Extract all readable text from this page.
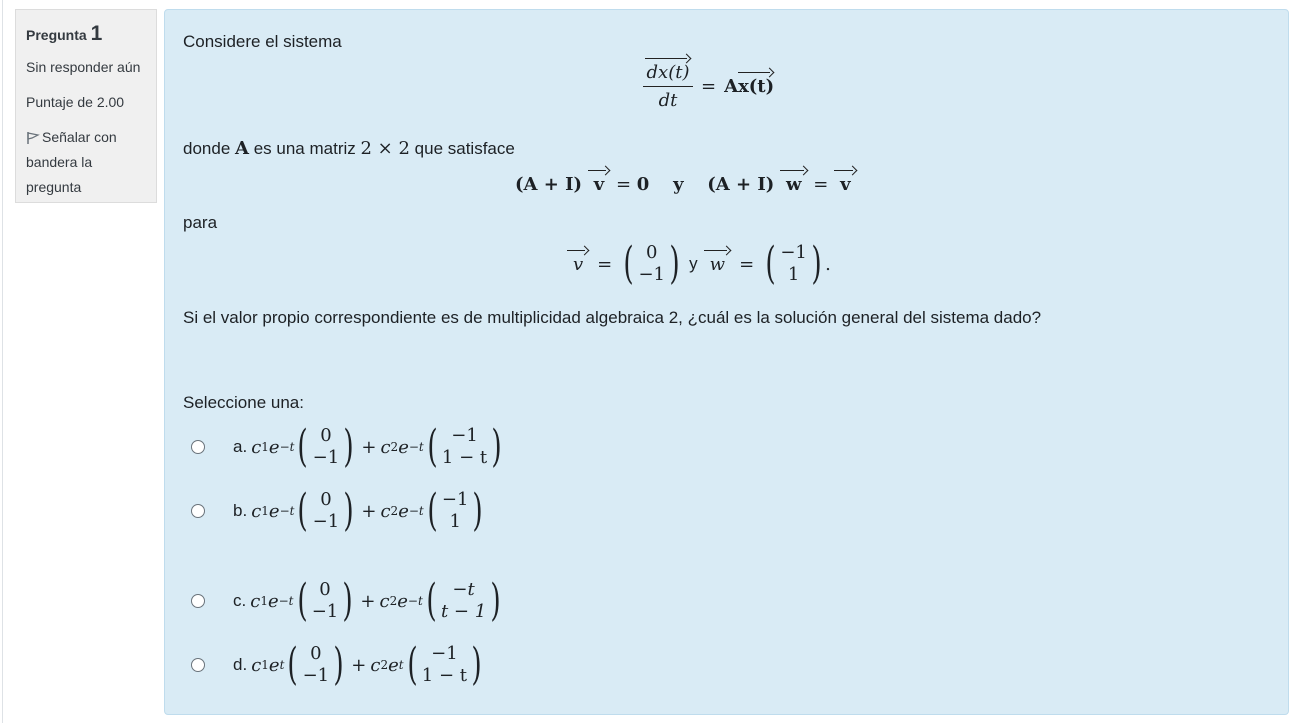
Pregunta 1
Sin responder aún
Puntaje de 2.00
Señalar con bandera la pregunta
Considere el sistema
dx(t)
dt
= A x(t)
donde A es una matriz 2 × 2 que satisface
(A + I) v = 0 y (A + I) w = v
para
v = ( 0
−1 ) y w = ( −1
1 ) .
Si el valor propio correspondiente es de multiplicidad algebraica 2, ¿cuál es la solución general del sistema dado?
Seleccione una:
a. c 1 e −t ( 0
−1 ) + c 2 e −t ( −1
1 − t )
b. c 1 e −t ( 0
−1 ) + c 2 e −t ( −1
1 )
c. c 1 e −t ( 0
−1 ) + c 2 e −t ( −t
t − 1 )
d. c 1 e t ( 0
−1 ) + c 2 e t ( −1
1 − t )
